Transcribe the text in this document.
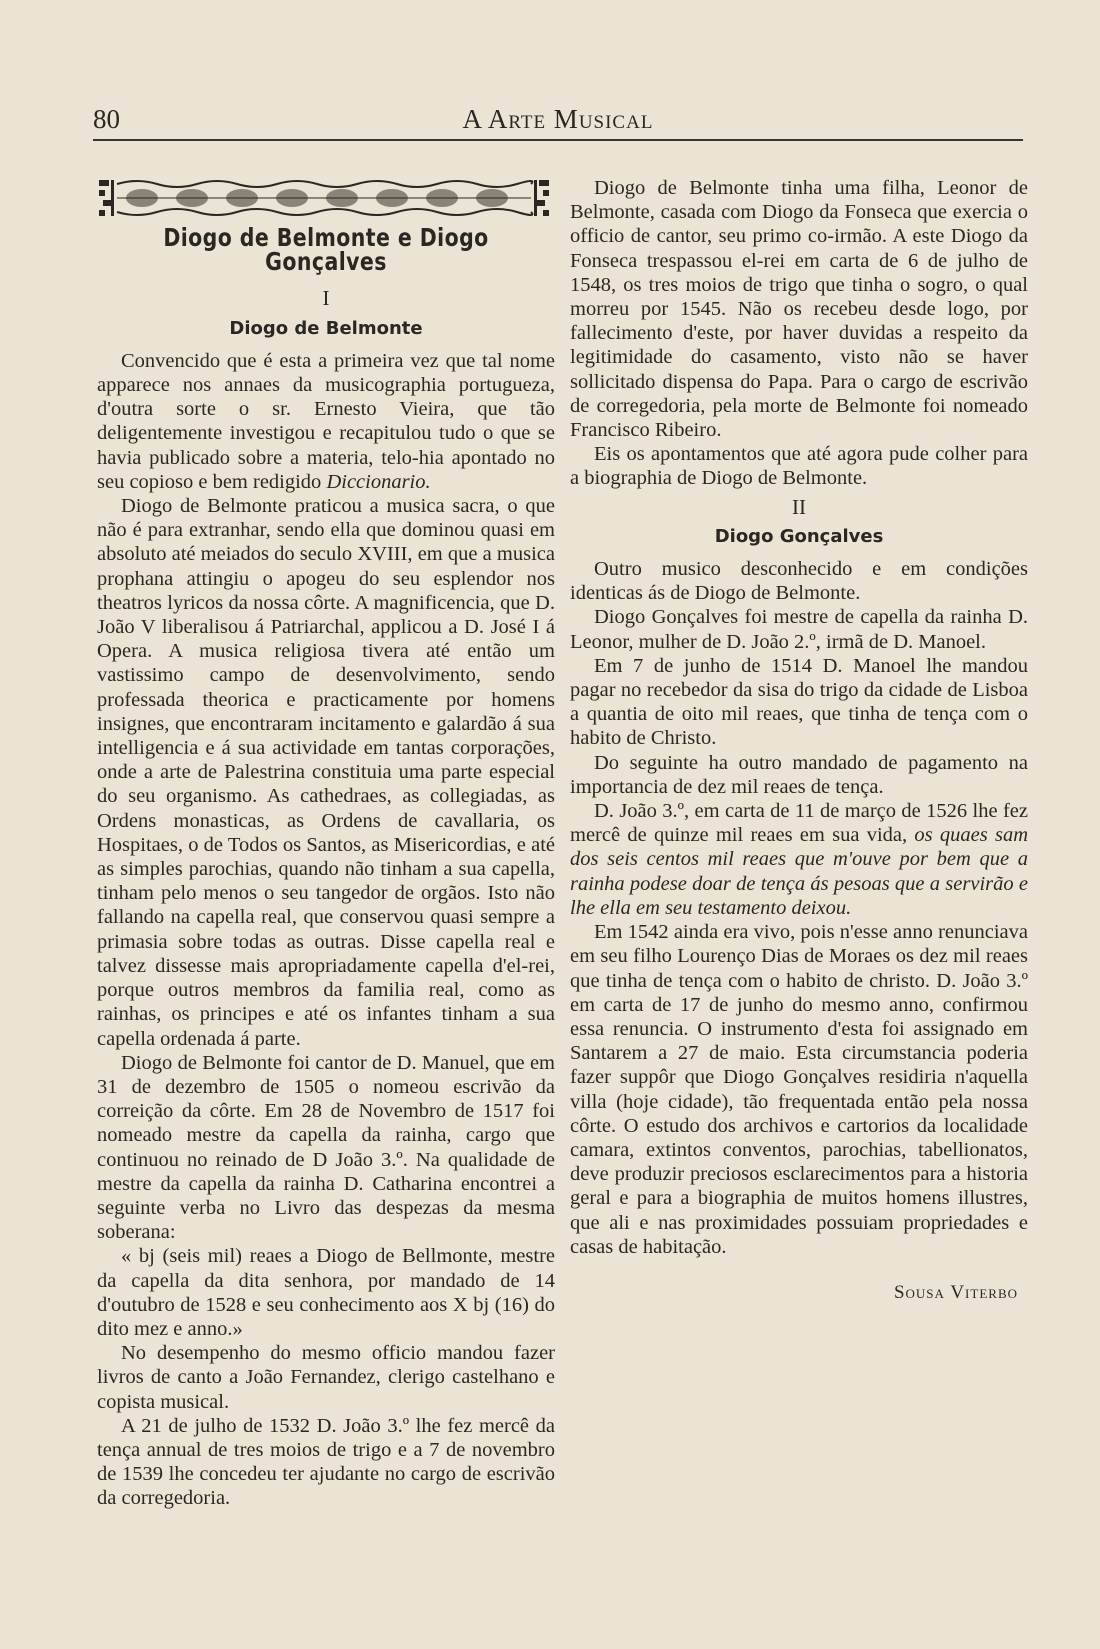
80	A Arte Musical
Diogo de Belmonte e Diogo Gonçalves
I
Diogo de Belmonte

Convencido que é esta a primeira vez que tal nome apparece nos annaes da musicographia portugueza, d'outra sorte o sr. Ernesto Vieira, que tão deligentemente investigou e recapitulou tudo o que se havia publicado sobre a materia, telo-hia apontado no seu copioso e bem redigido Diccionario.

Diogo de Belmonte praticou a musica sacra, o que não é para extranhar, sendo ella que dominou quasi em absoluto até meiados do seculo XVIII, em que a musica prophana attingiu o apogeu do seu esplendor nos theatros lyricos da nossa côrte. A magnificencia, que D. João V liberalisou á Patriarchal, applicou a D. José I á Opera. A musica religiosa tivera até então um vastissimo campo de desenvolvimento, sendo professada theorica e practicamente por homens insignes, que encontraram incitamento e galardão á sua intelligencia e á sua actividade em tantas corporações, onde a arte de Palestrina constituia uma parte especial do seu organismo. As cathedraes, as collegiadas, as Ordens monasticas, as Ordens de cavallaria, os Hospitaes, o de Todos os Santos, as Misericordias, e até as simples parochias, quando não tinham a sua capella, tinham pelo menos o seu tangedor de orgãos. Isto não fallando na capella real, que conservou quasi sempre a primasia sobre todas as outras. Disse capella real e talvez dissesse mais apropriadamente capella d'el-rei, porque outros membros da familia real, como as rainhas, os principes e até os infantes tinham a sua capella ordenada á parte.

Diogo de Belmonte foi cantor de D. Manuel, que em 31 de dezembro de 1505 o nomeou escrivão da correição da côrte. Em 28 de Novembro de 1517 foi nomeado mestre da capella da rainha, cargo que continuou no reinado de D João 3.º. Na qualidade de mestre da capella da rainha D. Catharina encontrei a seguinte verba no Livro das despezas da mesma soberana:

« bj (seis mil) reaes a Diogo de Bellmonte, mestre da capella da dita senhora, por mandado de 14 d'outubro de 1528 e seu conhecimento aos X bj (16) do dito mez e anno.»

No desempenho do mesmo officio mandou fazer livros de canto a João Fernandez, clerigo castelhano e copista musical.

A 21 de julho de 1532 D. João 3.º lhe fez mercê da tença annual de tres moios de trigo e a 7 de novembro de 1539 lhe concedeu ter ajudante no cargo de escrivão da corregedoria.

Diogo de Belmonte tinha uma filha, Leonor de Belmonte, casada com Diogo da Fonseca que exercia o officio de cantor, seu primo co-irmão. A este Diogo da Fonseca trespassou el-rei em carta de 6 de julho de 1548, os tres moios de trigo que tinha o sogro, o qual morreu por 1545. Não os recebeu desde logo, por fallecimento d'este, por haver duvidas a respeito da legitimidade do casamento, visto não se haver sollicitado dispensa do Papa. Para o cargo de escrivão de corregedoria, pela morte de Belmonte foi nomeado Francisco Ribeiro.

Eis os apontamentos que até agora pude colher para a biographia de Diogo de Belmonte.

II
Diogo Gonçalves

Outro musico desconhecido e em condições identicas ás de Diogo de Belmonte.

Diogo Gonçalves foi mestre de capella da rainha D. Leonor, mulher de D. João 2.º, irmã de D. Manoel.

Em 7 de junho de 1514 D. Manoel lhe mandou pagar no recebedor da sisa do trigo da cidade de Lisboa a quantia de oito mil reaes, que tinha de tença com o habito de Christo.

Do seguinte ha outro mandado de pagamento na importancia de dez mil reaes de tença.

D. João 3.º, em carta de 11 de março de 1526 lhe fez mercê de quinze mil reaes em sua vida, os quaes sam dos seis centos mil reaes que m'ouve por bem que a rainha podese doar de tença ás pesoas que a servirão e lhe ella em seu testamento deixou.

Em 1542 ainda era vivo, pois n'esse anno renunciava em seu filho Lourenço Dias de Moraes os dez mil reaes que tinha de tença com o habito de christo. D. João 3.º em carta de 17 de junho do mesmo anno, confirmou essa renuncia. O instrumento d'esta foi assignado em Santarem a 27 de maio. Esta circumstancia poderia fazer suppôr que Diogo Gonçalves residiria n'aquella villa (hoje cidade), tão frequentada então pela nossa côrte. O estudo dos archivos e cartorios da localidade camara, extintos conventos, parochias, tabellionatos, deve produzir preciosos esclarecimentos para a historia geral e para a biographia de muitos homens illustres, que ali e nas proximidades possuiam propriedades e casas de habitação.

Sousa Viterbo
